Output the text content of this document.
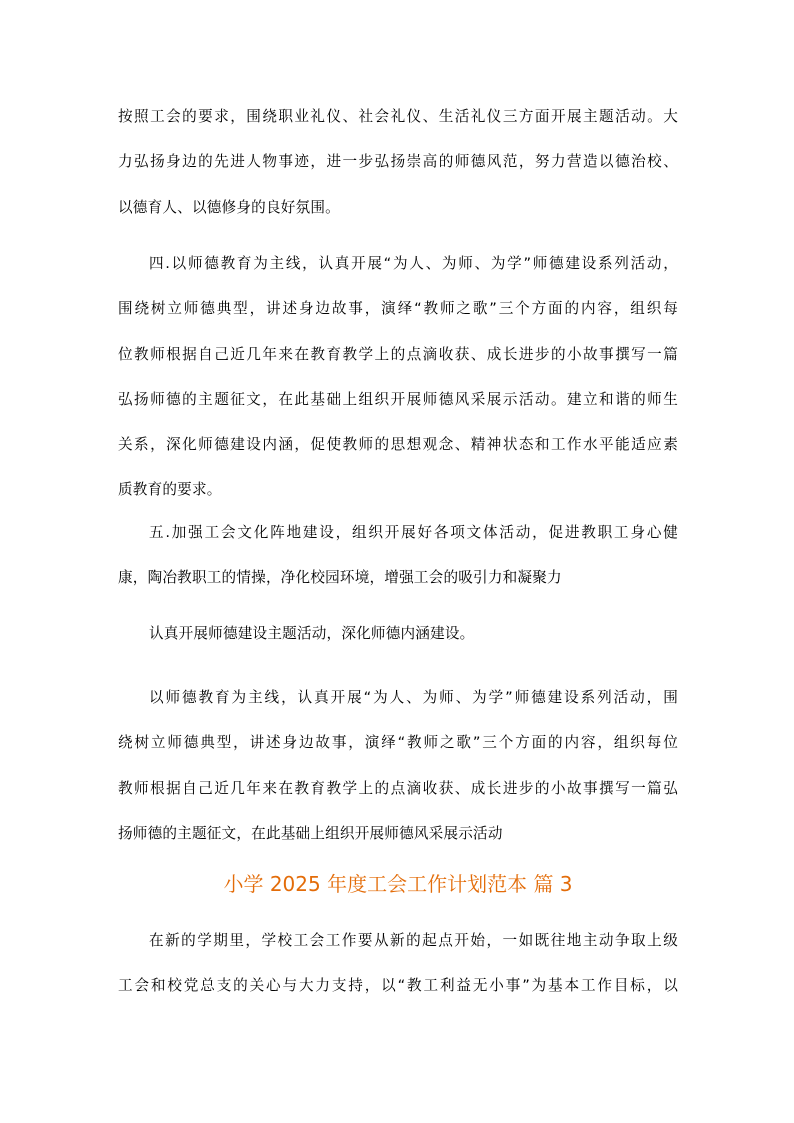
按照工会的要求，围绕职业礼仪、社会礼仪、生活礼仪三方面开展主题活动。大
力弘扬身边的先进人物事迹，进一步弘扬崇高的师德风范，努力营造以德治校、
以德育人、以德修身的良好氛围。

四.以师德教育为主线，认真开展“为人、为师、为学”师德建设系列活动，
围绕树立师德典型，讲述身边故事，演绎“教师之歌”三个方面的内容，组织每
位教师根据自己近几年来在教育教学上的点滴收获、成长进步的小故事撰写一篇
弘扬师德的主题征文，在此基础上组织开展师德风采展示活动。建立和谐的师生
关系，深化师德建设内涵，促使教师的思想观念、精神状态和工作水平能适应素
质教育的要求。

五.加强工会文化阵地建设，组织开展好各项文体活动，促进教职工身心健
康，陶冶教职工的情操，净化校园环境，增强工会的吸引力和凝聚力

认真开展师德建设主题活动，深化师德内涵建设。

以师德教育为主线，认真开展“为人、为师、为学”师德建设系列活动，围
绕树立师德典型，讲述身边故事，演绎“教师之歌”三个方面的内容，组织每位
教师根据自己近几年来在教育教学上的点滴收获、成长进步的小故事撰写一篇弘
扬师德的主题征文，在此基础上组织开展师德风采展示活动

小学 2025 年度工会工作计划范本 篇 3

在新的学期里，学校工会工作要从新的起点开始，一如既往地主动争取上级
工会和校党总支的关心与大力支持，以“教工利益无小事”为基本工作目标，以
